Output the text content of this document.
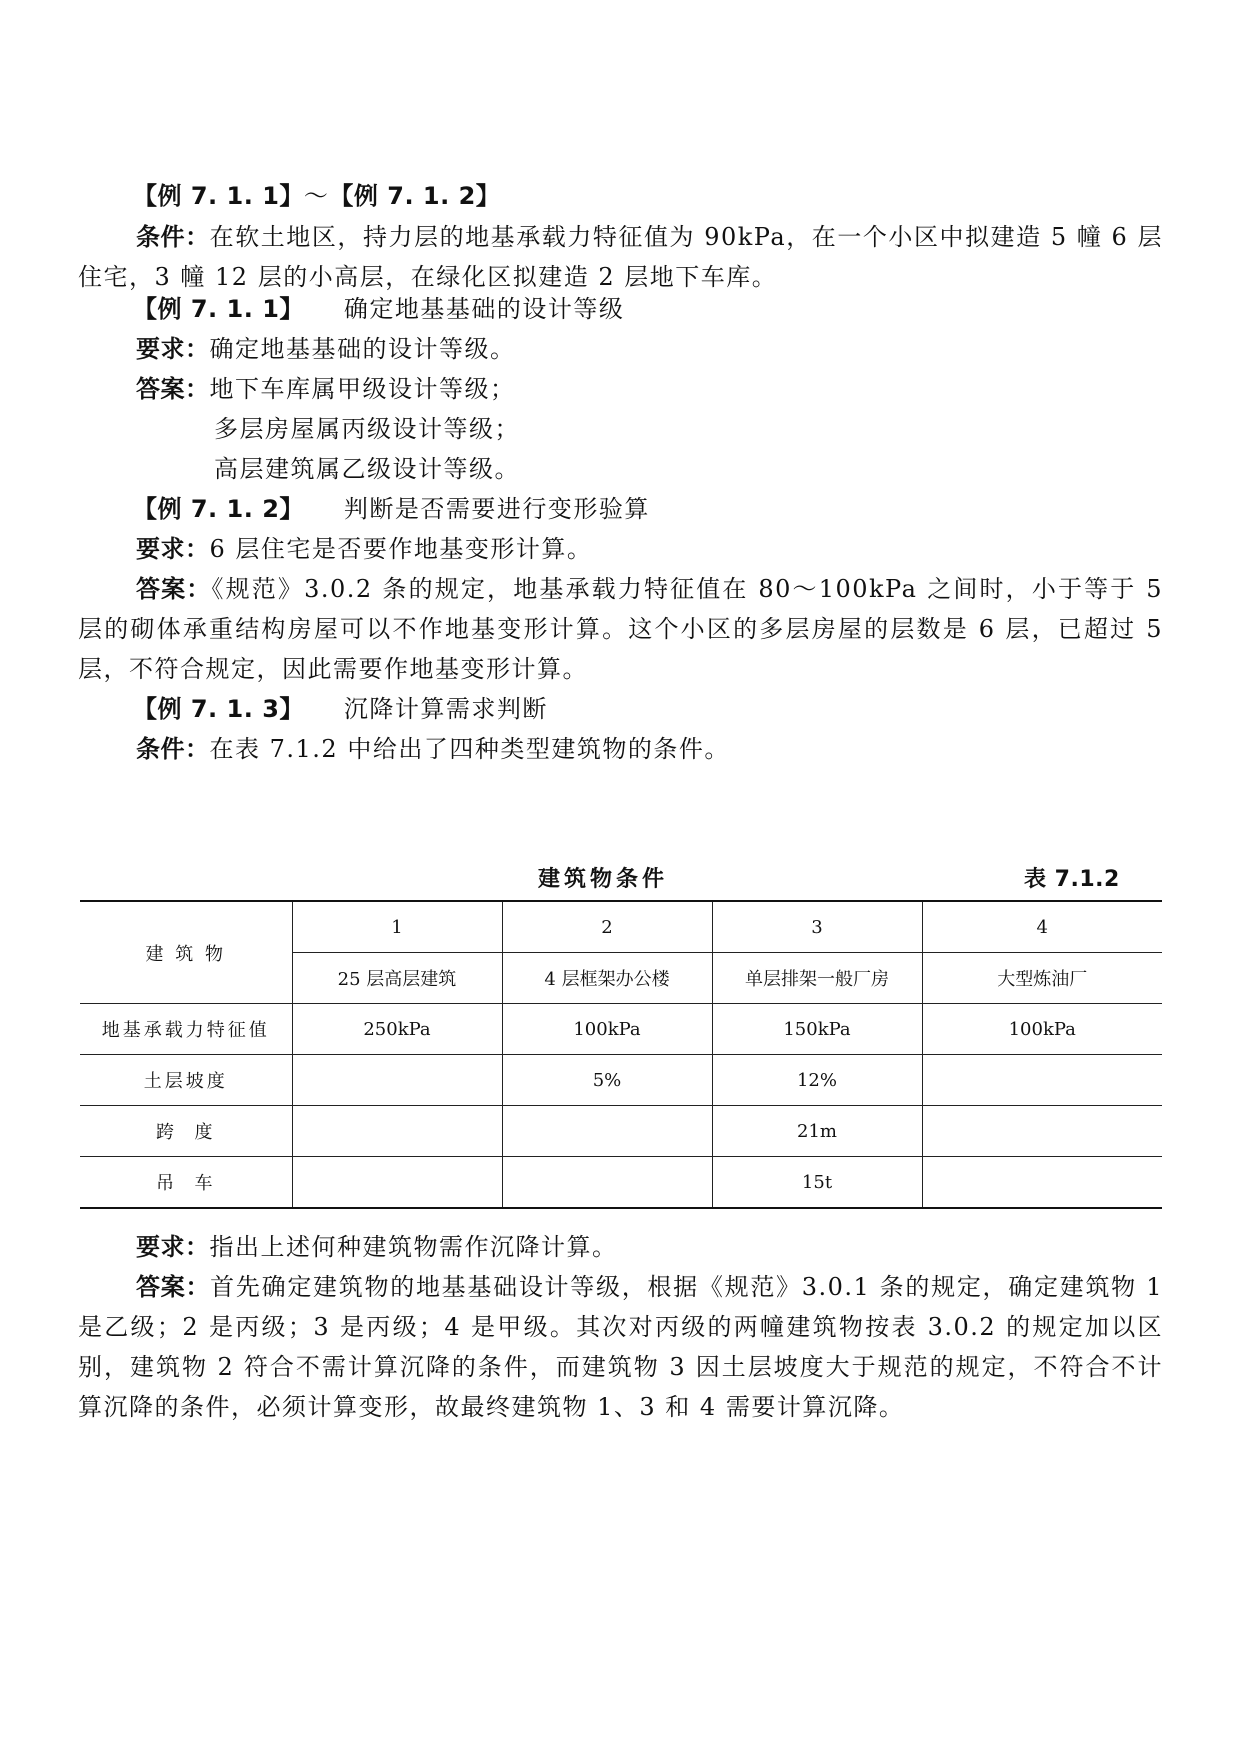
【例 7. 1. 1】～【例 7. 1. 2】

条件：在软土地区，持力层的地基承载力特征值为 90kPa，在一个小区中拟建造 5 幢 6 层住宅，3 幢 12 层的小高层，在绿化区拟建造 2 层地下车库。

【例 7. 1. 1】 确定地基基础的设计等级
要求：确定地基基础的设计等级。
答案：地下车库属甲级设计等级；
多层房屋属丙级设计等级；
高层建筑属乙级设计等级。
【例 7. 1. 2】 判断是否需要进行变形验算
要求：6 层住宅是否要作地基变形计算。

答案：《规范》3.0.2 条的规定，地基承载力特征值在 80～100kPa 之间时，小于等于 5 层的砌体承重结构房屋可以不作地基变形计算。这个小区的多层房屋的层数是 6 层，已超过 5 层，不符合规定，因此需要作地基变形计算。

【例 7. 1. 3】 沉降计算需求判断
条件：在表 7.1.2 中给出了四种类型建筑物的条件。
建筑物条件	表 7.1.2
建 筑 物	1	2	3	4
	25 层高层建筑	4 层框架办公楼	单层排架一般厂房	大型炼油厂
地基承载力特征值	250kPa	100kPa	150kPa	100kPa
土层坡度		5%	12%	
跨  度			21m	
吊  车			15t	
要求：指出上述何种建筑物需作沉降计算。

答案：首先确定建筑物的地基基础设计等级，根据《规范》3.0.1 条的规定，确定建筑物 1 是乙级；2 是丙级；3 是丙级；4 是甲级。其次对丙级的两幢建筑物按表 3.0.2 的规定加以区别，建筑物 2 符合不需计算沉降的条件，而建筑物 3 因土层坡度大于规范的规定，不符合不计算沉降的条件，必须计算变形，故最终建筑物 1、3 和 4 需要计算沉降。
